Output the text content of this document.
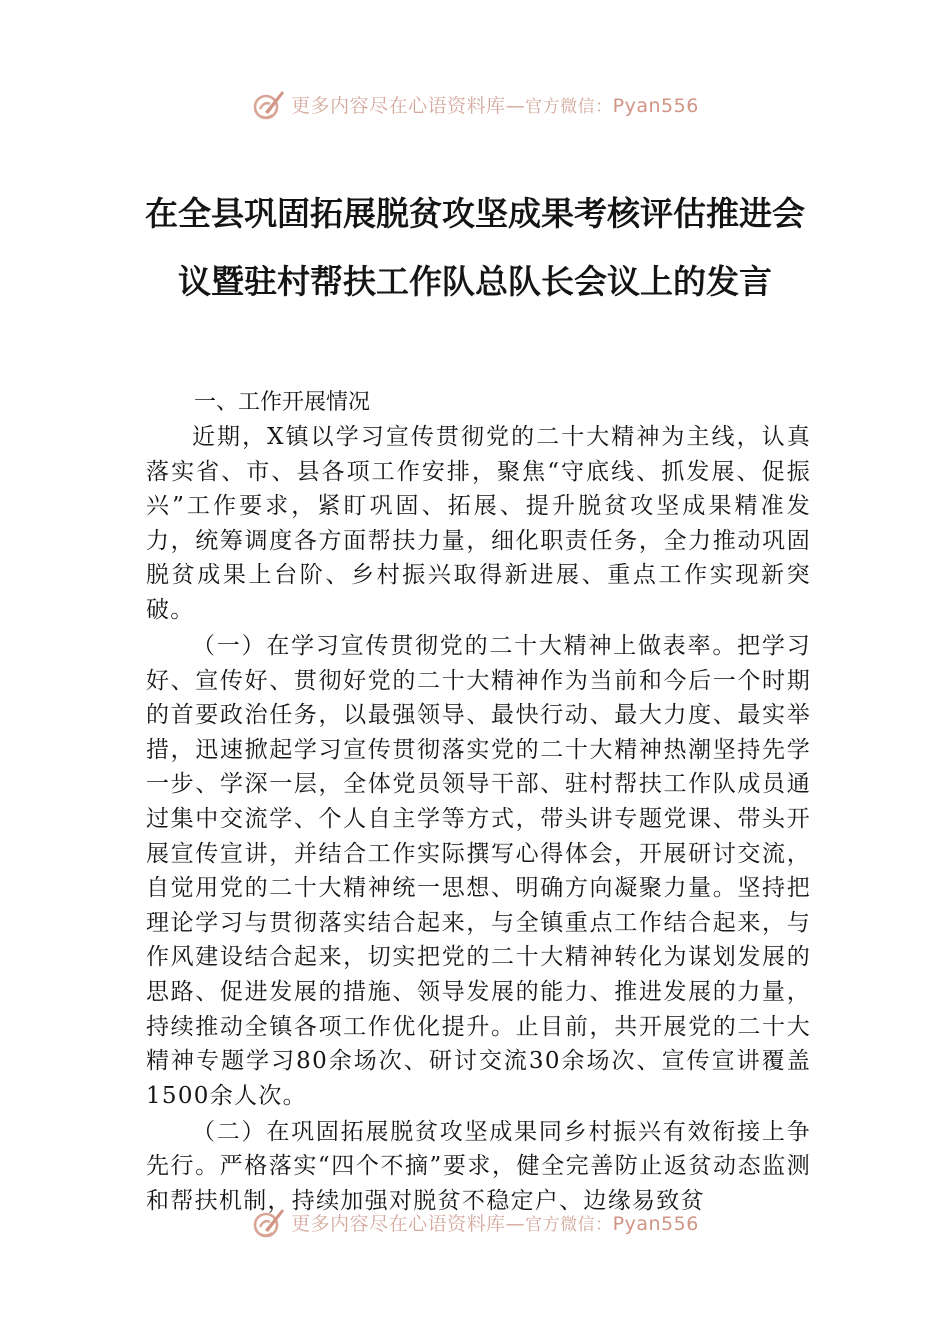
更多内容尽在心语资料库—官方微信：Pyan556
在全县巩固拓展脱贫攻坚成果考核评估推进会议暨驻村帮扶工作队总队长会议上的发言
一、工作开展情况

近期，X镇以学习宣传贯彻党的二十大精神为主线，认真落实省、市、县各项工作安排，聚焦“守底线、抓发展、促振兴”工作要求，紧盯巩固、拓展、提升脱贫攻坚成果精准发力，统筹调度各方面帮扶力量，细化职责任务，全力推动巩固脱贫成果上台阶、乡村振兴取得新进展、重点工作实现新突破。

（一）在学习宣传贯彻党的二十大精神上做表率。把学习好、宣传好、贯彻好党的二十大精神作为当前和今后一个时期的首要政治任务，以最强领导、最快行动、最大力度、最实举措，迅速掀起学习宣传贯彻落实党的二十大精神热潮坚持先学一步、学深一层，全体党员领导干部、驻村帮扶工作队成员通过集中交流学、个人自主学等方式，带头讲专题党课、带头开展宣传宣讲，并结合工作实际撰写心得体会，开展研讨交流，自觉用党的二十大精神统一思想、明确方向凝聚力量。坚持把理论学习与贯彻落实结合起来，与全镇重点工作结合起来，与作风建设结合起来，切实把党的二十大精神转化为谋划发展的思路、促进发展的措施、领导发展的能力、推进发展的力量，持续推动全镇各项工作优化提升。止目前，共开展党的二十大精神专题学习80余场次、研讨交流30余场次、宣传宣讲覆盖1500余人次。

（二）在巩固拓展脱贫攻坚成果同乡村振兴有效衔接上争先行。严格落实“四个不摘”要求，健全完善防止返贫动态监测和帮扶机制，持续加强对脱贫不稳定户、边缘易致贫

更多内容尽在心语资料库—官方微信：Pyan556
